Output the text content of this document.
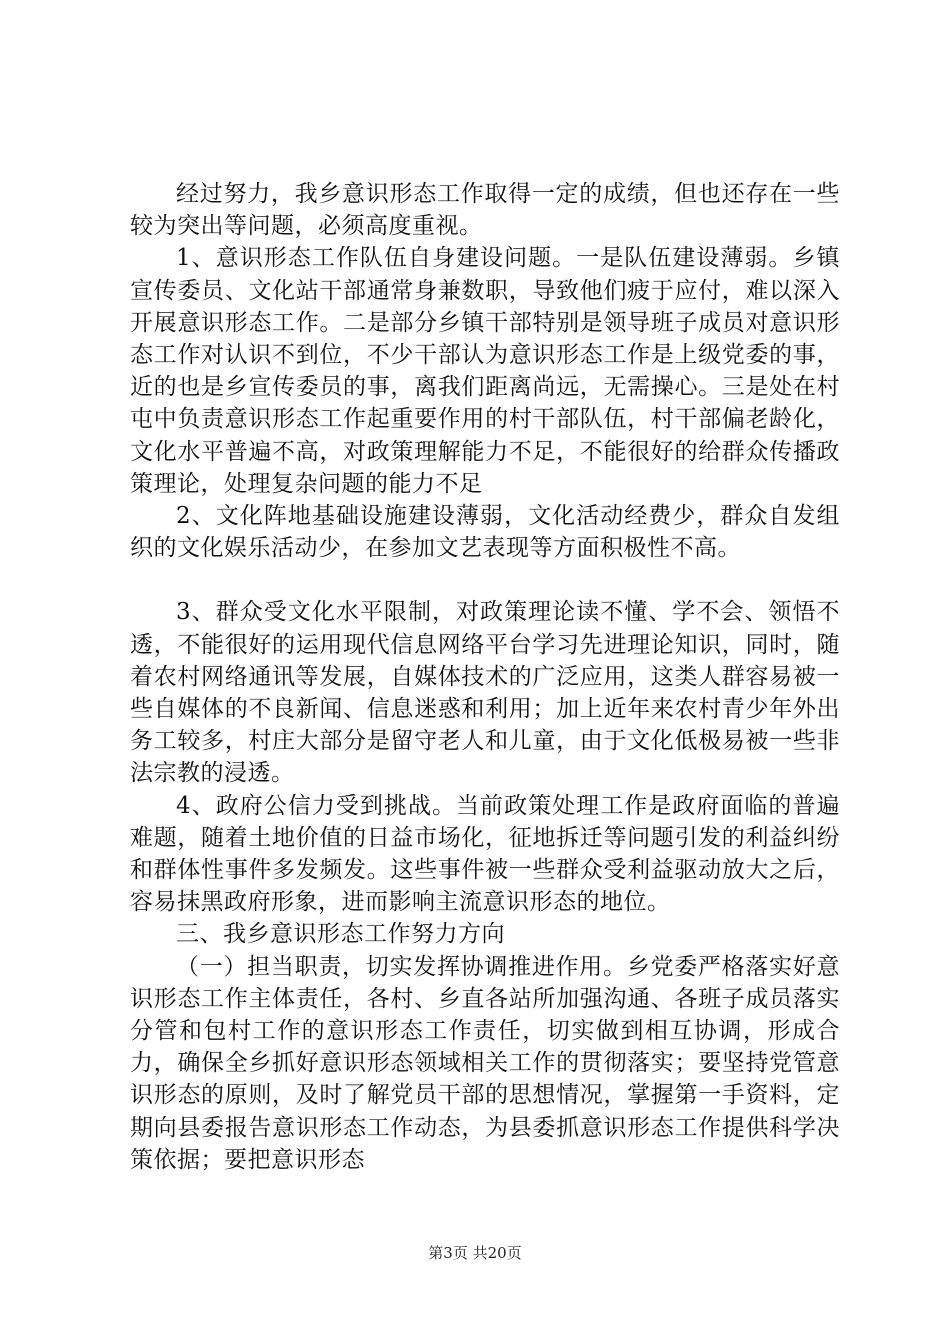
经过努力，我乡意识形态工作取得一定的成绩，但也还存在一些较为突出等问题，必须高度重视。

1、意识形态工作队伍自身建设问题。一是队伍建设薄弱。乡镇宣传委员、文化站干部通常身兼数职，导致他们疲于应付，难以深入开展意识形态工作。二是部分乡镇干部特别是领导班子成员对意识形态工作对认识不到位，不少干部认为意识形态工作是上级党委的事，近的也是乡宣传委员的事，离我们距离尚远，无需操心。三是处在村屯中负责意识形态工作起重要作用的村干部队伍，村干部偏老龄化，文化水平普遍不高，对政策理解能力不足，不能很好的给群众传播政策理论，处理复杂问题的能力不足

2、文化阵地基础设施建设薄弱，文化活动经费少，群众自发组织的文化娱乐活动少，在参加文艺表现等方面积极性不高。

3、群众受文化水平限制，对政策理论读不懂、学不会、领悟不透，不能很好的运用现代信息网络平台学习先进理论知识，同时，随着农村网络通讯等发展，自媒体技术的广泛应用，这类人群容易被一些自媒体的不良新闻、信息迷惑和利用；加上近年来农村青少年外出务工较多，村庄大部分是留守老人和儿童，由于文化低极易被一些非法宗教的浸透。

4、政府公信力受到挑战。当前政策处理工作是政府面临的普遍难题，随着土地价值的日益市场化，征地拆迁等问题引发的利益纠纷和群体性事件多发频发。这些事件被一些群众受利益驱动放大之后，容易抹黑政府形象，进而影响主流意识形态的地位。

三、我乡意识形态工作努力方向

（一）担当职责，切实发挥协调推进作用。乡党委严格落实好意识形态工作主体责任，各村、乡直各站所加强沟通、各班子成员落实分管和包村工作的意识形态工作责任，切实做到相互协调，形成合力，确保全乡抓好意识形态领域相关工作的贯彻落实；要坚持党管意识形态的原则，及时了解党员干部的思想情况，掌握第一手资料，定期向县委报告意识形态工作动态，为县委抓意识形态工作提供科学决策依据；要把意识形态

第3页 共20页
